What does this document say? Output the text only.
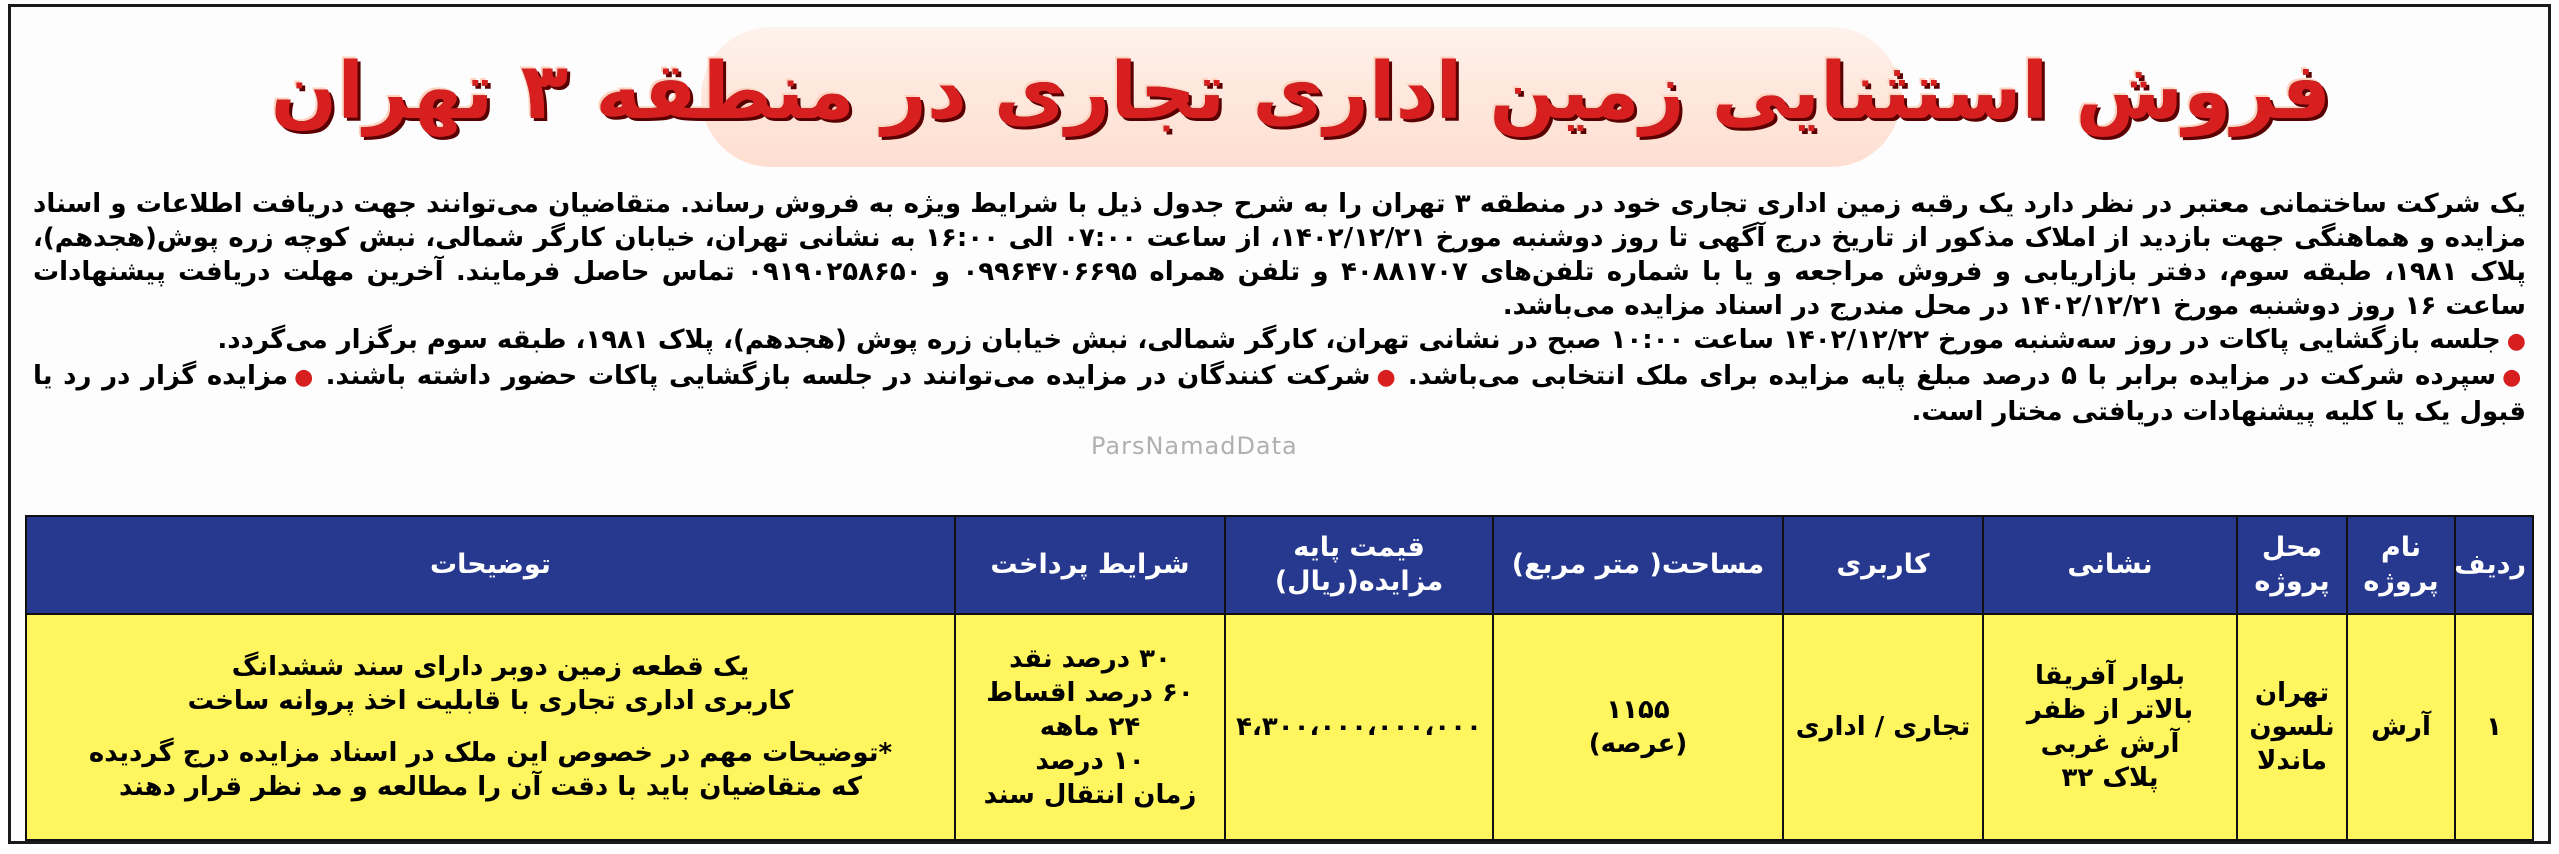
فروش استثنایی زمین اداری تجاری در منطقه ۳ تهران

یک شرکت ساختمانی معتبر در نظر دارد یک رقبه زمین اداری تجاری خود در منطقه ۳ تهران را به شرح جدول ذیل با شرایط ویژه به فروش رساند. متقاضیان می‌توانند جهت دریافت اطلاعات و اسناد مزایده و هماهنگی جهت بازدید از املاک مذکور از تاریخ درج آگهی تا روز دوشنبه مورخ ۱۴۰۲/۱۲/۲۱، از ساعت ۰۷:۰۰ الی ۱۶:۰۰ به نشانی تهران، خیابان کارگر شمالی، نبش کوچه زره پوش(هجدهم)، پلاک ۱۹۸۱، طبقه سوم، دفتر بازاریابی و فروش مراجعه و یا با شماره تلفن‌های ۴۰۸۸۱۷۰۷ و تلفن همراه ۰۹۹۶۴۷۰۶۶۹۵ و ۰۹۱۹۰۲۵۸۶۵۰ تماس حاصل فرمایند. آخرین مهلت دریافت پیشنهادات ساعت ۱۶ روز دوشنبه مورخ ۱۴۰۲/۱۲/۲۱ در محل مندرج در اسناد مزایده می‌باشد.

●جلسه بازگشایی پاکات در روز سه‌شنبه مورخ ۱۴۰۲/۱۲/۲۲ ساعت ۱۰:۰۰ صبح در نشانی تهران، کارگر شمالی، نبش خیابان زره پوش (هجدهم)، پلاک ۱۹۸۱، طبقه سوم برگزار می‌گردد.
●سپرده شرکت در مزایده برابر با ۵ درصد مبلغ پایه مزایده برای ملک انتخابی می‌باشد. ●شرکت کنندگان در مزایده می‌توانند در جلسه بازگشایی پاکات حضور داشته باشند. ●مزایده گزار در رد یا قبول یک یا کلیه پیشنهادات دریافتی مختار است.
ParsNamadData
ردیف	نام پروژه	محل پروژه	نشانی	کاربری	مساحت( متر مربع)	قیمت پایه مزایده(ریال)	شرایط پرداخت	توضیحات
۱	آرش	تهران
نلسون
ماندلا	بلوار آفریقا
بالاتر از ظفر
آرش غربی
پلاک ۳۲	تجاری / اداری	۱۱۵۵
(عرصه)	۴،۳۰۰،۰۰۰،۰۰۰،۰۰۰	۳۰ درصد نقد
۶۰ درصد اقساط
۲۴ ماهه
۱۰ درصد
زمان انتقال سند	یک قطعه زمین دوبر دارای سند ششدانگ
کاربری اداری تجاری با قابلیت اخذ پروانه ساخت
*توضیحات مهم در خصوص این ملک در اسناد مزایده درج گردیده
که متقاضیان باید با دقت آن را مطالعه و مد نظر قرار دهند
